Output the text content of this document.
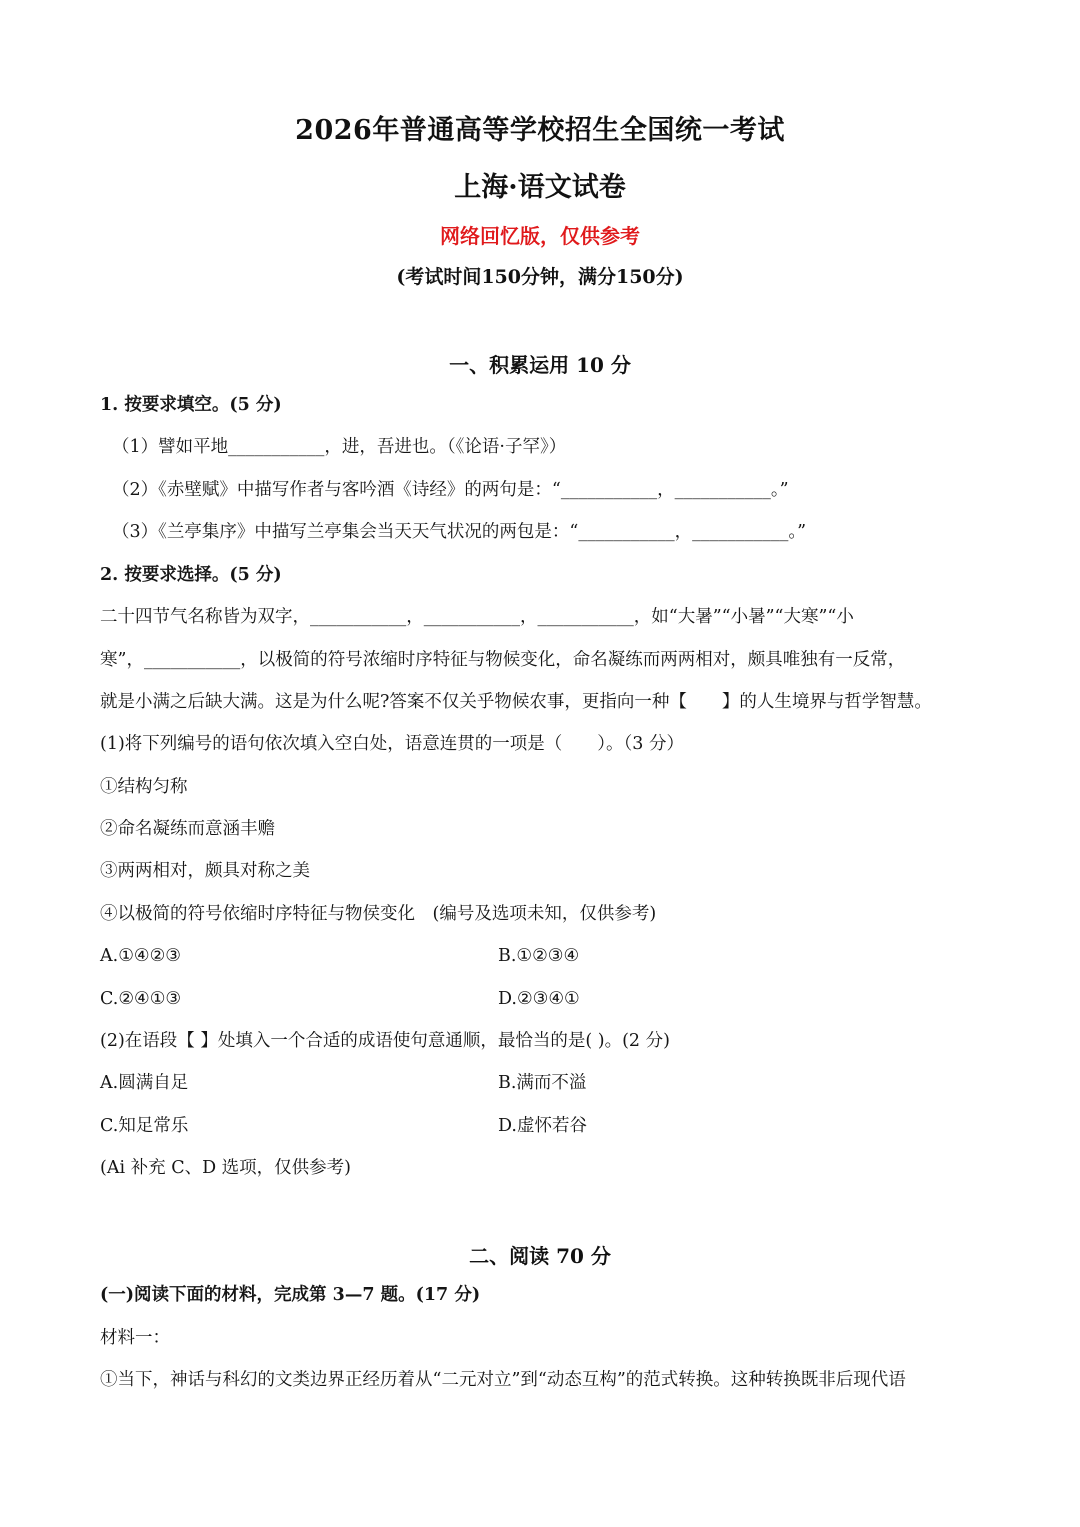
2026年普通高等学校招生全国统一考试
上海·语文试卷
网络回忆版，仅供参考
(考试时间150分钟，满分150分)
一、积累运用 10 分
1. 按要求填空。(5 分)
（1）譬如平地___________，进，吾进也。（《论语·子罕》）
（2）《赤壁赋》中描写作者与客吟酒《诗经》的两句是：“___________，___________。”
（3）《兰亭集序》中描写兰亭集会当天天气状况的两包是：“___________，___________。”
2. 按要求选择。(5 分)
二十四节气名称皆为双字，___________，___________，___________，如“大暑”“小暑”“大寒”“小
寒”，___________，以极简的符号浓缩时序特征与物候变化，命名凝练而两两相对，颇具唯独有一反常，
就是小满之后缺大满。这是为什么呢?答案不仅关乎物候农事，更指向一种【　　】的人生境界与哲学智慧。
(1)将下列编号的语句依次填入空白处，语意连贯的一项是（　　）。（3 分）
①结构匀称
②命名凝练而意涵丰赡
③两两相对，颇具对称之美
④以极简的符号依缩时序特征与物侯变化　(编号及选项未知，仅供参考)
A.①④②③	B.①②③④
C.②④①③	D.②③④①
(2)在语段【 】处填入一个合适的成语使句意通顺，最恰当的是( )。(2 分)
A.圆满自足	B.满而不溢
C.知足常乐	D.虚怀若谷
(Ai 补充 C、D 选项，仅供参考)
二、阅读 70 分
(一)阅读下面的材料，完成第 3—7 题。(17 分)
材料一：
①当下，神话与科幻的文类边界正经历着从“二元对立”到“动态互构”的范式转换。这种转换既非后现代语
